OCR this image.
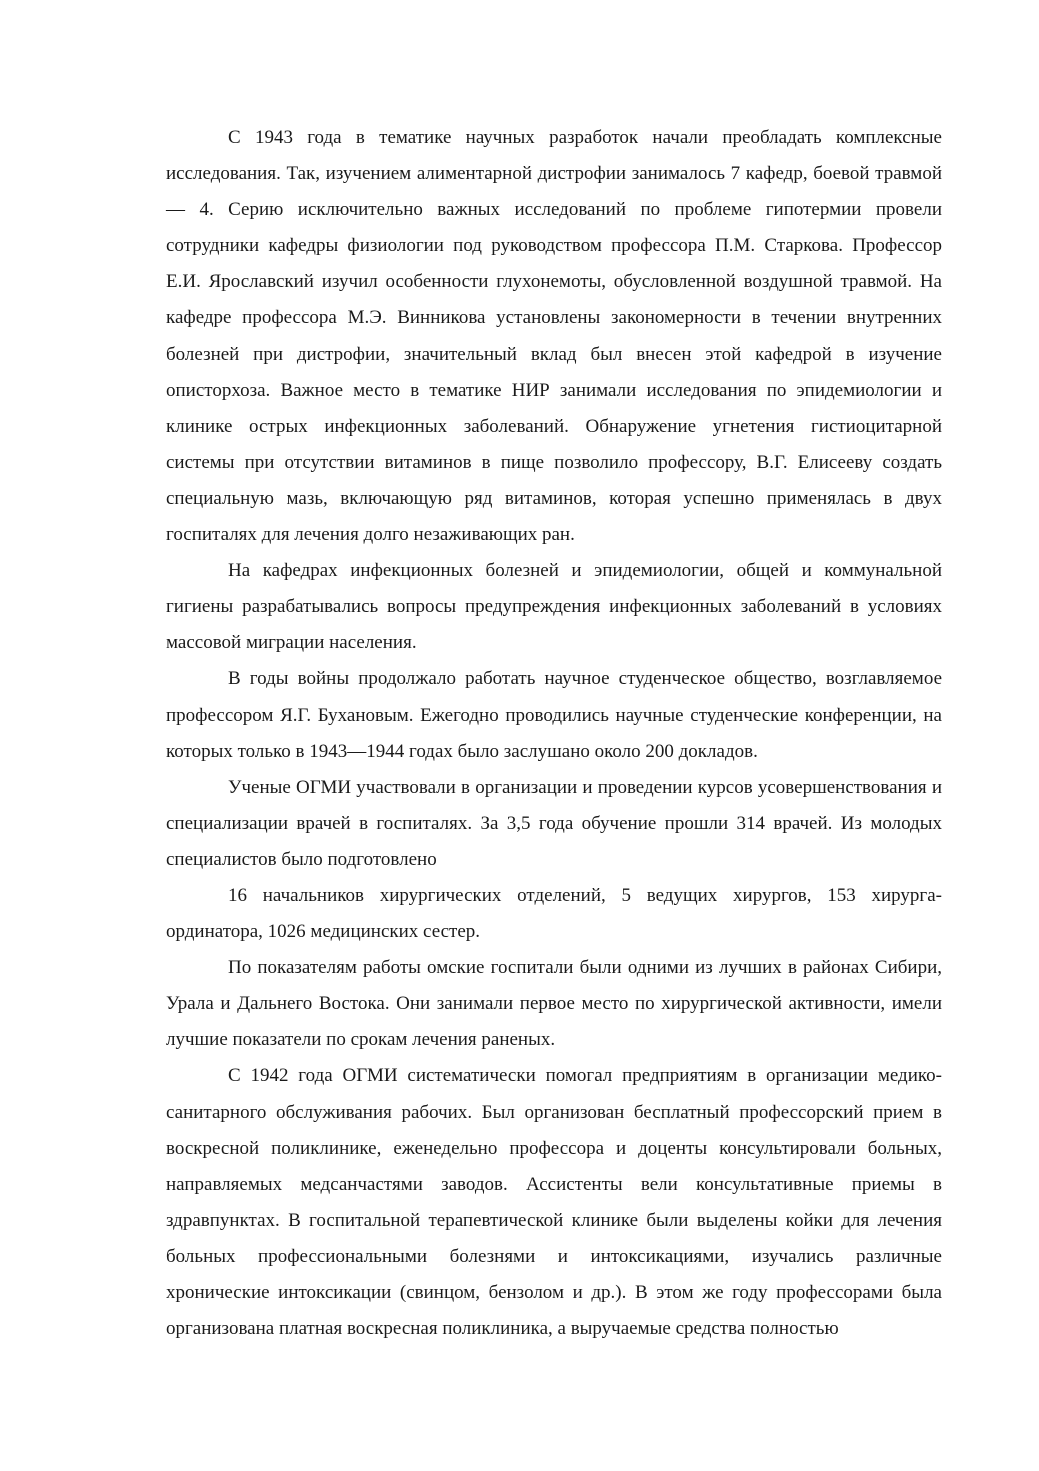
С 1943 года в тематике научных разработок начали преобладать комплексные исследования. Так, изучением алиментарной дистрофии занималось 7 кафедр, боевой травмой — 4. Серию исключительно важных исследований по проблеме гипотермии провели сотрудники кафедры физиологии под руководством профессора П.М. Старкова. Профессор Е.И. Ярославский изучил особенности глухонемоты, обусловленной воздушной травмой. На кафедре профессора М.Э. Винникова установлены закономерности в течении внутренних болезней при дистрофии, значительный вклад был внесен этой кафедрой в изучение описторхоза. Важное место в тематике НИР занимали исследования по эпидемиологии и клинике острых инфекционных заболеваний. Обнаружение угнетения гистиоцитарной системы при отсутствии витаминов в пище позволило профессору, В.Г. Елисееву создать специальную мазь, включающую ряд витаминов, которая успешно применялась в двух госпиталях для лечения долго незаживающих ран.

На кафедрах инфекционных болезней и эпидемиологии, общей и коммунальной гигиены разрабатывались вопросы предупреждения инфекционных заболеваний в условиях массовой миграции населения.

В годы войны продолжало работать научное студенческое общество, возглавляемое профессором Я.Г. Бухановым. Ежегодно проводились научные студенческие конференции, на которых только в 1943—1944 годах было заслушано около 200 докладов.

Ученые ОГМИ участвовали в организации и проведении курсов усовершенствования и специализации врачей в госпиталях. За 3,5 года обучение прошли 314 врачей. Из молодых специалистов было подготовлено

16 начальников хирургических отделений, 5 ведущих хирургов, 153 хирурга-ординатора, 1026 медицинских сестер.

По показателям работы омские госпитали были одними из лучших в районах Сибири, Урала и Дальнего Востока. Они занимали первое место по хирургической активности, имели лучшие показатели по срокам лечения раненых.

С 1942 года ОГМИ систематически помогал предприятиям в организации медико-санитарного обслуживания рабочих. Был организован бесплатный профессорский прием в воскресной поликлинике, еженедельно профессора и доценты консультировали больных, направляемых медсанчастями заводов. Ассистенты вели консультативные приемы в здравпунктах. В госпитальной терапевтической клинике были выделены койки для лечения больных профессиональными болезнями и интоксикациями, изучались различные хронические интоксикации (свинцом, бензолом и др.). В этом же году профессорами была организована платная воскресная поликлиника, а выручаемые средства полностью
